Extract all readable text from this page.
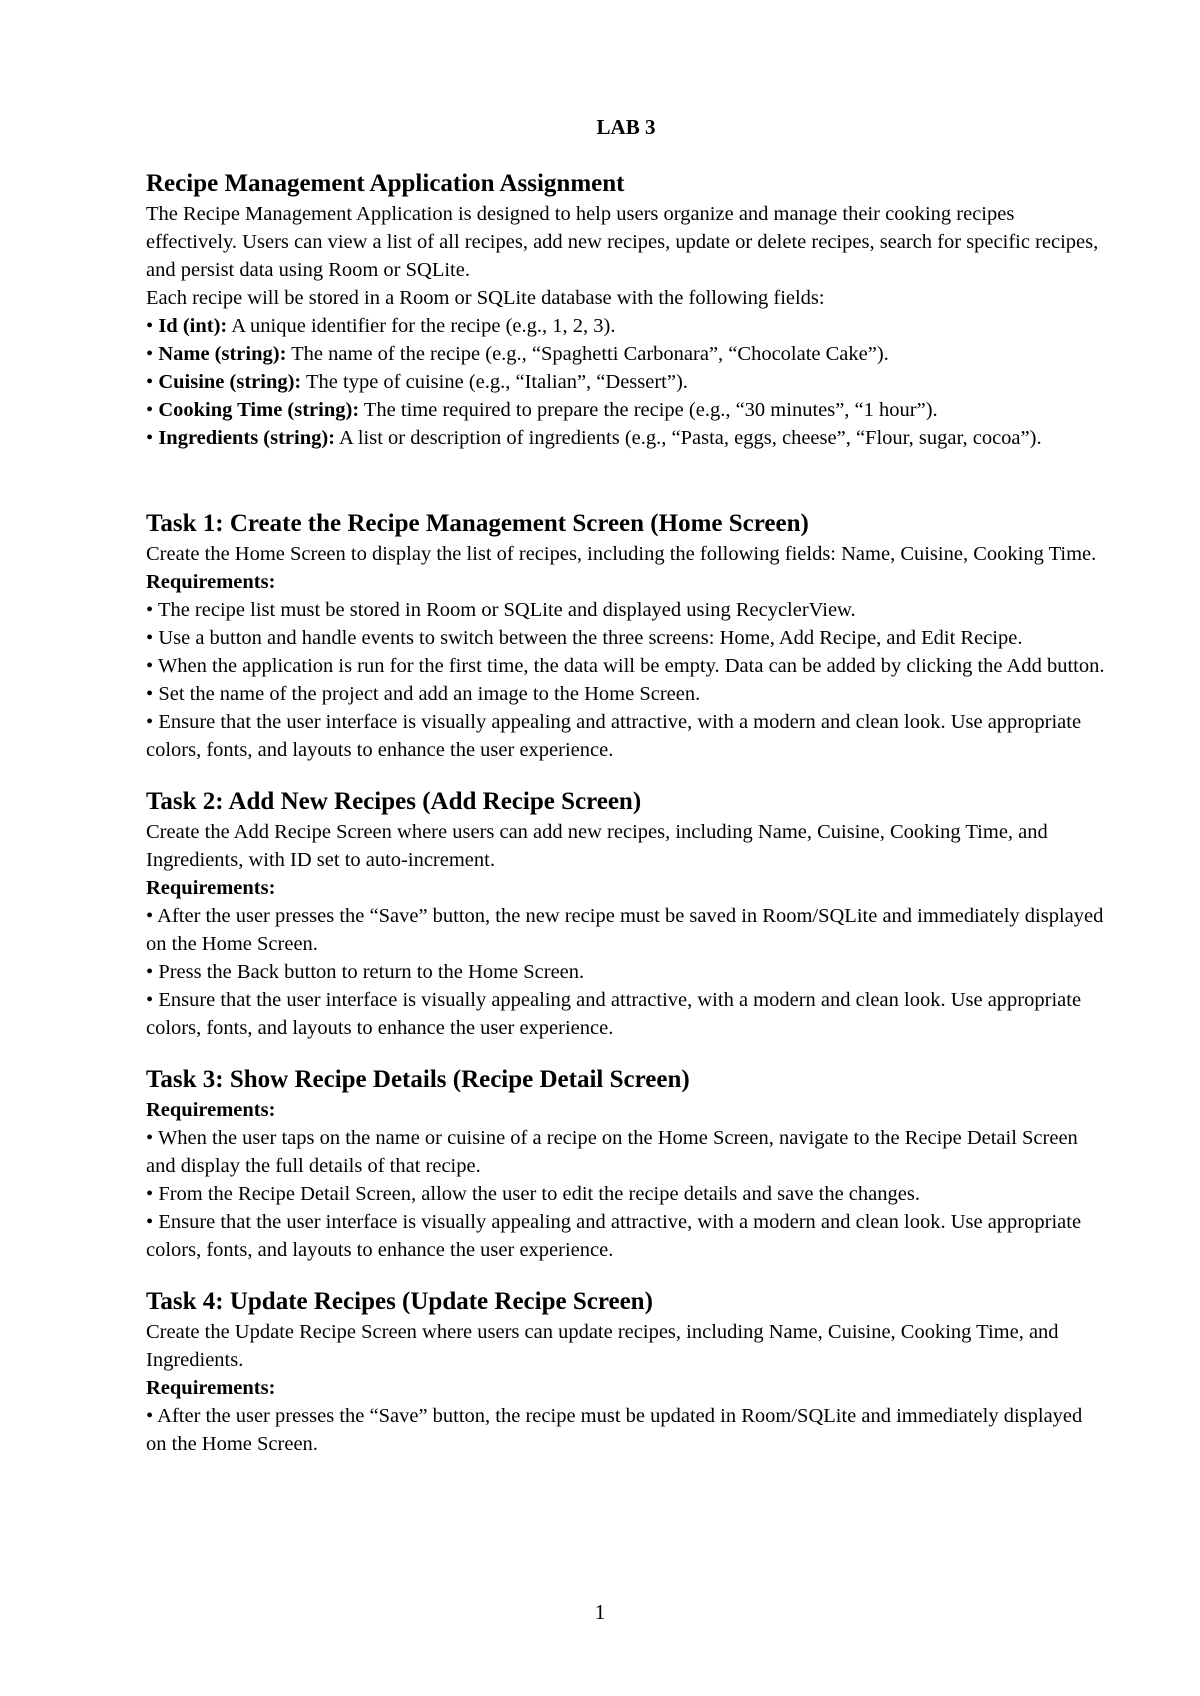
LAB 3
Recipe Management Application Assignment

The Recipe Management Application is designed to help users organize and manage their cooking recipes effectively. Users can view a list of all recipes, add new recipes, update or delete recipes, search for specific recipes, and persist data using Room or SQLite.

Each recipe will be stored in a Room or SQLite database with the following fields:

• Id (int): A unique identifier for the recipe (e.g., 1, 2, 3).
• Name (string): The name of the recipe (e.g., “Spaghetti Carbonara”, “Chocolate Cake”).
• Cuisine (string): The type of cuisine (e.g., “Italian”, “Dessert”).
• Cooking Time (string): The time required to prepare the recipe (e.g., “30 minutes”, “1 hour”).
• Ingredients (string): A list or description of ingredients (e.g., “Pasta, eggs, cheese”, “Flour, sugar, cocoa”).
Task 1: Create the Recipe Management Screen (Home Screen)

Create the Home Screen to display the list of recipes, including the following fields: Name, Cuisine, Cooking Time.

Requirements:
• The recipe list must be stored in Room or SQLite and displayed using RecyclerView.
• Use a button and handle events to switch between the three screens: Home, Add Recipe, and Edit Recipe.
• When the application is run for the first time, the data will be empty. Data can be added by clicking the Add button.
• Set the name of the project and add an image to the Home Screen.
• Ensure that the user interface is visually appealing and attractive, with a modern and clean look. Use appropriate colors, fonts, and layouts to enhance the user experience.
Task 2: Add New Recipes (Add Recipe Screen)

Create the Add Recipe Screen where users can add new recipes, including Name, Cuisine, Cooking Time, and Ingredients, with ID set to auto-increment.

Requirements:
• After the user presses the “Save” button, the new recipe must be saved in Room/SQLite and immediately displayed on the Home Screen.
• Press the Back button to return to the Home Screen.
• Ensure that the user interface is visually appealing and attractive, with a modern and clean look. Use appropriate colors, fonts, and layouts to enhance the user experience.
Task 3: Show Recipe Details (Recipe Detail Screen)
Requirements:
• When the user taps on the name or cuisine of a recipe on the Home Screen, navigate to the Recipe Detail Screen and display the full details of that recipe.
• From the Recipe Detail Screen, allow the user to edit the recipe details and save the changes.
• Ensure that the user interface is visually appealing and attractive, with a modern and clean look. Use appropriate colors, fonts, and layouts to enhance the user experience.
Task 4: Update Recipes (Update Recipe Screen)

Create the Update Recipe Screen where users can update recipes, including Name, Cuisine, Cooking Time, and Ingredients.

Requirements:
• After the user presses the “Save” button, the recipe must be updated in Room/SQLite and immediately displayed on the Home Screen.
1
